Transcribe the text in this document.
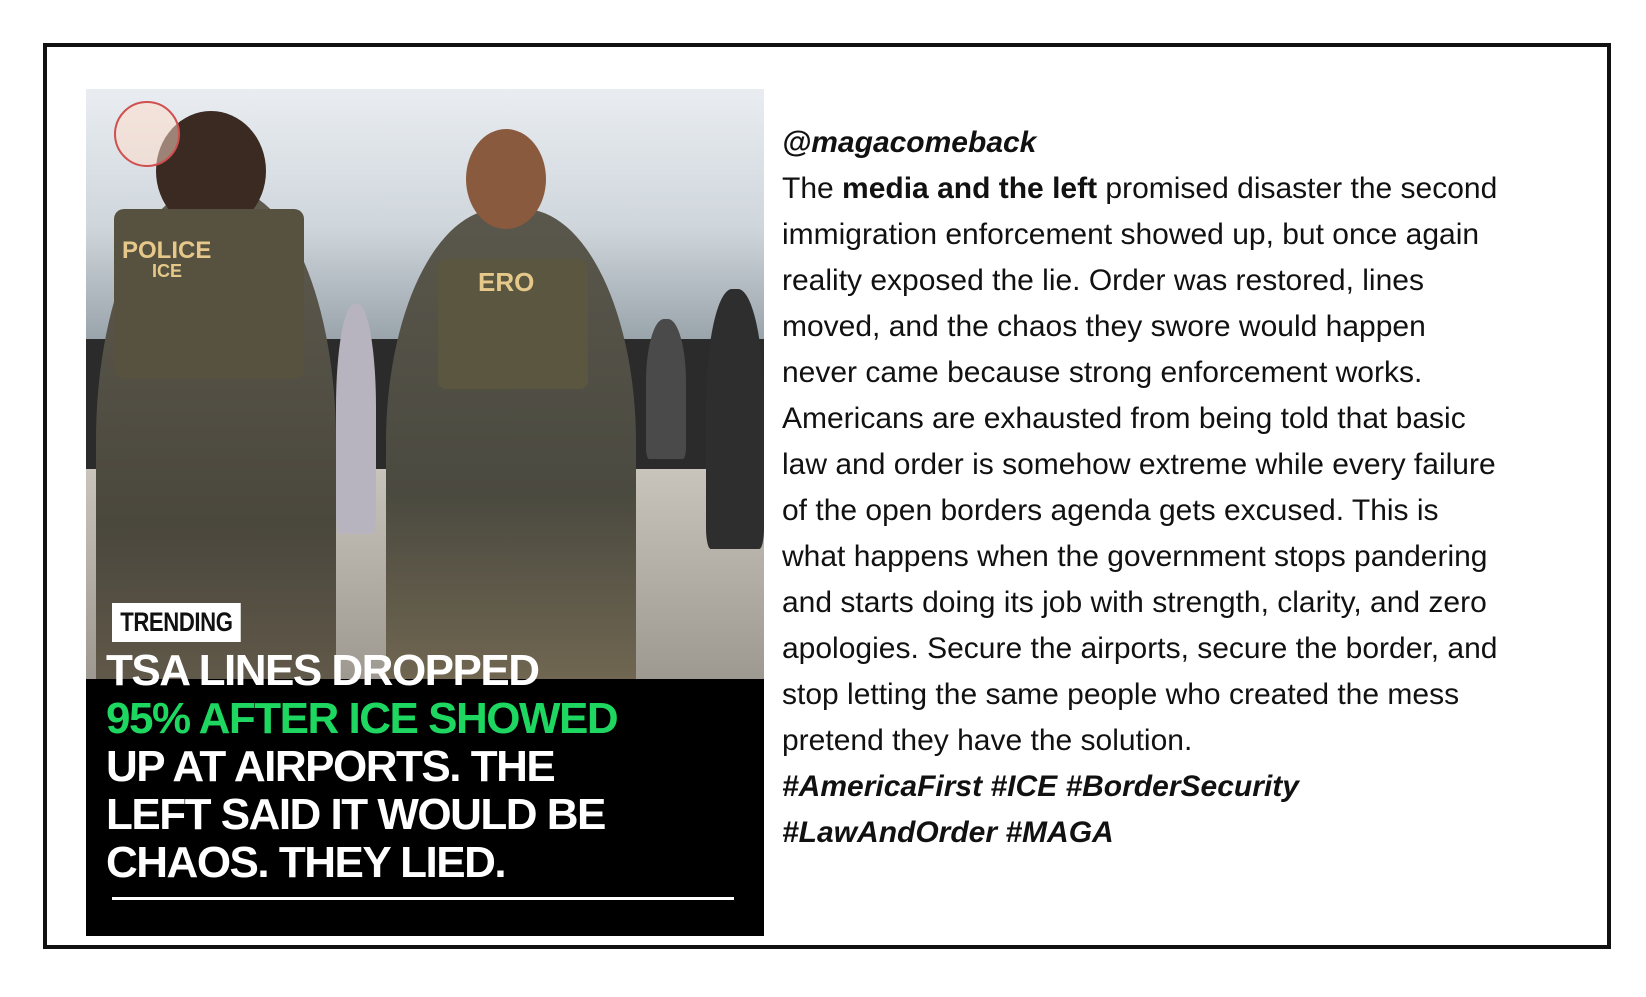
POLICE
ICE	ERO
TRENDING
TSA LINES DROPPED
95% AFTER ICE SHOWED
UP AT AIRPORTS. THE
LEFT SAID IT WOULD BE
CHAOS. THEY LIED.
@magacomeback
The media and the left promised disaster the second immigration enforcement showed up, but once again reality exposed the lie. Order was restored, lines moved, and the chaos they swore would happen never came because strong enforcement works. Americans are exhausted from being told that basic law and order is somehow extreme while every failure of the open borders agenda gets excused. This is what happens when the government stops pandering and starts doing its job with strength, clarity, and zero apologies. Secure the airports, secure the border, and stop letting the same people who created the mess pretend they have the solution.
#AmericaFirst #ICE #BorderSecurity #LawAndOrder #MAGA
